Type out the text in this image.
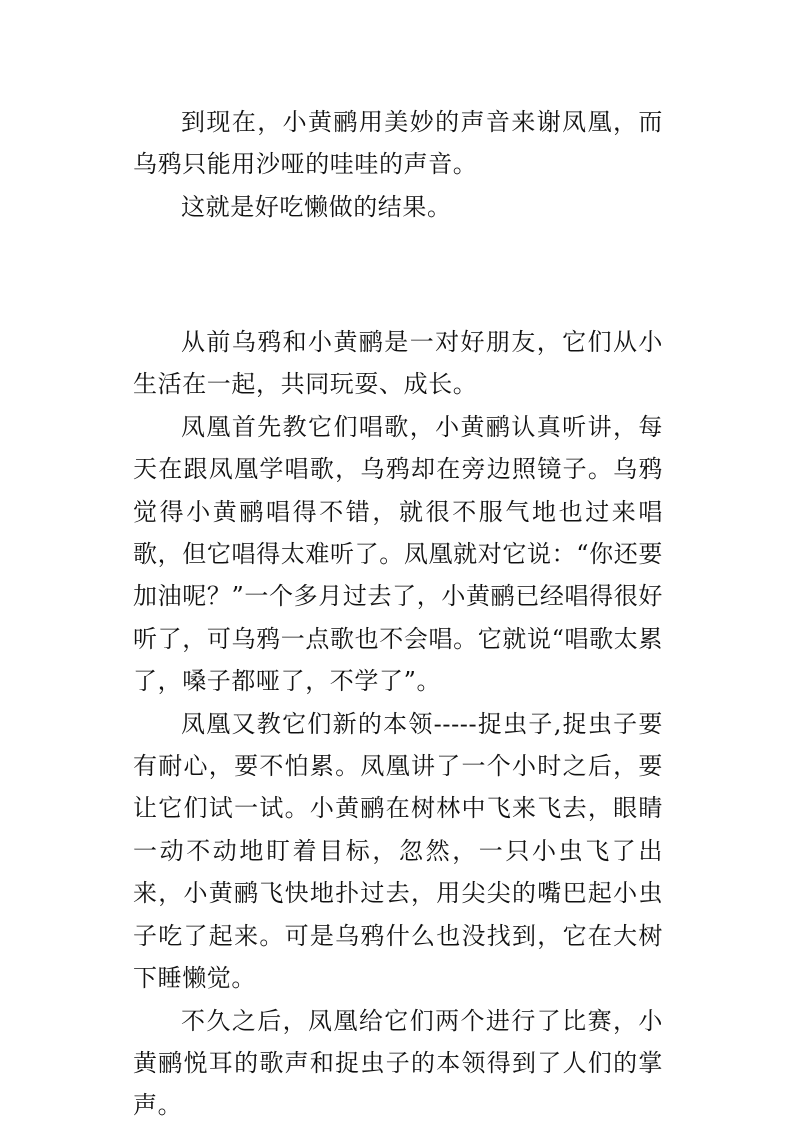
到现在，小黄鹂用美妙的声音来谢凤凰，而乌鸦只能用沙哑的哇哇的声音。

这就是好吃懒做的结果。

从前乌鸦和小黄鹂是一对好朋友，它们从小生活在一起，共同玩耍、成长。

凤凰首先教它们唱歌，小黄鹂认真听讲，每天在跟凤凰学唱歌，乌鸦却在旁边照镜子。乌鸦觉得小黄鹂唱得不错，就很不服气地也过来唱歌，但它唱得太难听了。凤凰就对它说：“你还要加油呢？”一个多月过去了，小黄鹂已经唱得很好听了，可乌鸦一点歌也不会唱。它就说“唱歌太累了，嗓子都哑了，不学了”。

凤凰又教它们新的本领-----捉虫子,捉虫子要有耐心，要不怕累。凤凰讲了一个小时之后，要让它们试一试。小黄鹂在树林中飞来飞去，眼睛一动不动地盯着目标，忽然，一只小虫飞了出来，小黄鹂飞快地扑过去，用尖尖的嘴巴起小虫子吃了起来。可是乌鸦什么也没找到，它在大树下睡懒觉。

不久之后，凤凰给它们两个进行了比赛，小黄鹂悦耳的歌声和捉虫子的本领得到了人们的掌声。
